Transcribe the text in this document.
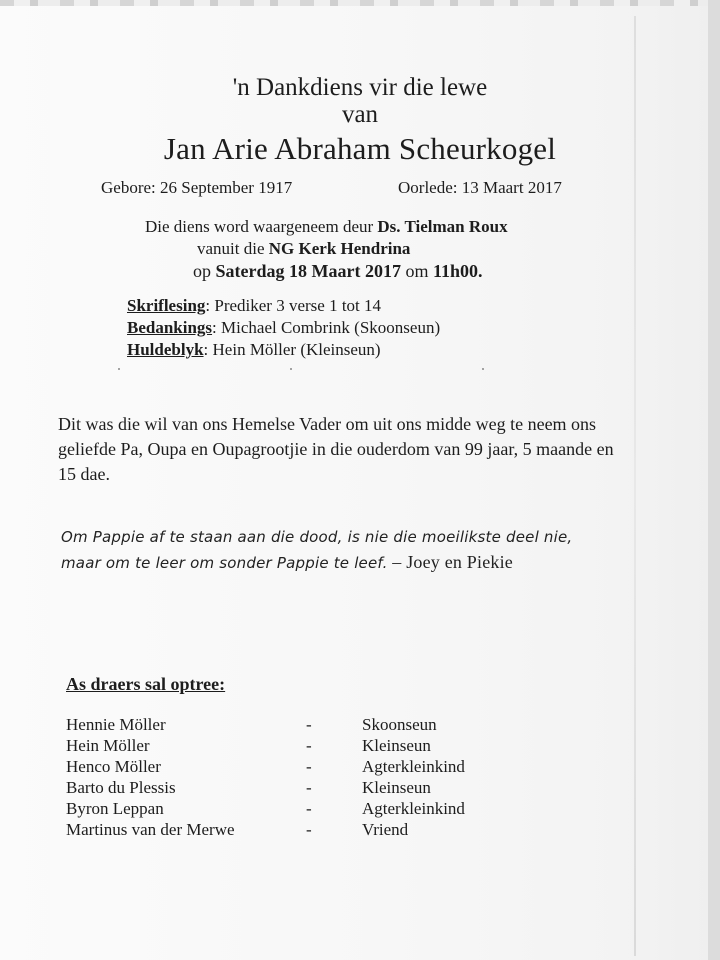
'n Dankdiens vir die lewe
van
Jan Arie Abraham Scheurkogel
Gebore: 26 September 1917	Oorlede: 13 Maart 2017
Die diens word waargeneem deur Ds. Tielman Roux
vanuit die NG Kerk Hendrina
op Saterdag 18 Maart 2017 om 11h00.
Skriflesing: Prediker 3 verse 1 tot 14
Bedankings: Michael Combrink (Skoonseun)
Huldeblyk: Hein Möller (Kleinseun)
Dit was die wil van ons Hemelse Vader om uit ons midde weg te neem ons geliefde Pa, Oupa en Oupagrootjie in die ouderdom van 99 jaar, 5 maande en 15 dae.
Om Pappie af te staan aan die dood, is nie die moeilikste deel nie,
maar om te leer om sonder Pappie te leef. – Joey en Piekie
As draers sal optree:
Hennie Möller	-	Skoonseun
Hein Möller	-	Kleinseun
Henco Möller	-	Agterkleinkind
Barto du Plessis	-	Kleinseun
Byron Leppan	-	Agterkleinkind
Martinus van der Merwe	-	Vriend
